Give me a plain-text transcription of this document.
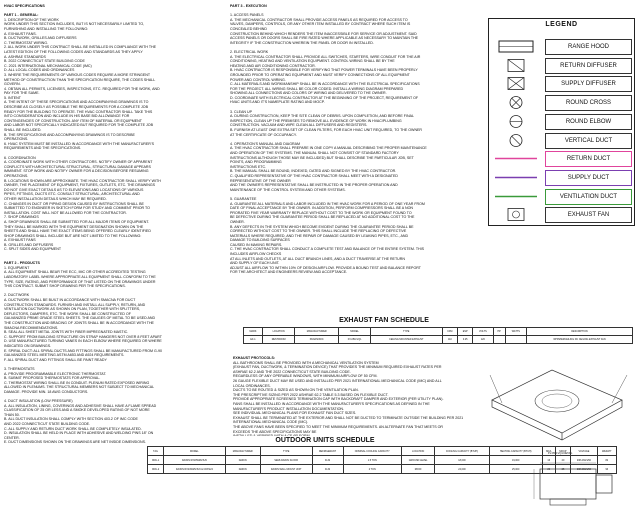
HVAC SPECIFICATIONS
PART 1 - GENERAL:
1. DESCRIPTION OF THE WORK
WORK UNDER THIS SECTION INCLUDES, BUT IS NOT NECESSARILY LIMITED TO,
FURNISHING AND INSTALLING THE FOLLOWING:
A. EXHAUST FANS.
B. DUCTWORK, GRILLES AND DIFFUSERS
C. THERMOSTAT WIRING.
2. ALL WORK UNDER THIS CONTRACT SHALL BE INSTALLED IN COMPLIANCE WITH THE
LATEST EDITION OF THE FOLLOWING CODES AND STANDARDS AS THEY APPLY
A. ASHRAE STANDARDS
B. 2022 CONNECTICUT STATE BUILDING CODE
C. 2021 INTERNATIONAL MECHANICAL CODE (IMC)
D. ALL LOCAL CODES AND ORDINANCES
3. WHERE THE REQUIREMENTS OF VARIOUS CODES REQUIRE A MORE STRINGENT
METHOD OF CONSTRUCTION THAN THE SPECIFICATION REQUIRE, THE CODES SHALL
GOVERN.
4. OBTAIN ALL PERMITS, LICENSES, INSPECTIONS, ETC. REQUIRED FOR THE WORK, AND
PAY FOR THE SAME.
5. INTENT
A. THE INTENT OF THESE SPECIFICATIONS AND ACCOMPANYING DRAWINGS IS TO
DESCRIBE AS CLOSELY AS POSSIBLE THE REQUIREMENTS FOR A COMPLETE JOB
READY FOR THE BUILDING TO OPERATE. THE HVAC CONTRACTOR SHALL TAKE THIS
INTO CONSIDERATION AND INCLUDE IN HIS BASE BID ALLOWANCE FOR
CONTINGENCIES OF CONSTRUCTION. ANY ITEM OF MATERIAL OR EQUIPMENT
AND LABOR NOT SPECIFICALLY INDICATED BUT REQUIRED FOR THE COMPLETE JOB
SHALL BE INCLUDED.
B. THE SPECIFICATIONS AND ACCOMPANYING DRAWINGS IS TO DESCRIBE
OPERATIONS.
6. HVAC SYSTEM MUST BE INSTALLED IN ACCORDANCE WITH THE MANUFACTURER'S
REQUIREMENTS AND THE SPECIFICATIONS.
6. COORDINATION
A. COORDINATE WORK WITH OTHER CONTRACTORS. NOTIFY OWNER OF APPARENT
CONFLICTS WITH ARCHITECTURAL STRUCTURAL, STRUCTURAL DAMAGE APPEARS
IMMINENT. STOP WORK AND NOTIFY OWNER FOR A DECISION BEFORE RESUMING
OPERATIONS.
B. LOCATIONS SHOWN ARE APPROXIMATE. THE HVAC CONTRACTOR SHALL VERIFY WITH
OWNER, THE PLACEMENT OF EQUIPMENT, FIXTURES, OUTLETS, ETC. THE DRAWINGS
DO NOT GIVE EXACT DETAILS AS TO ELEVATIONS AND LOCATIONS OF VARIOUS
PIPES, FITTINGS, DUCTS ETC. CONSULT STRUCTURAL, ARCHITECTURAL AND
OTHER INSTALLATION DETAILS WHICH MAY BE REQUIRED.
C. CHANGES IN DUCT OR PIPING DESIGN CAUSED BY INSTRUCTIONS SHALL BE
SUBMITTED TO ENGINEER IN SKETCH FORM FOR STUDY AND COMMENT PRIOR TO
INSTALLATION. COST WILL NOT BE ALLOWED FOR THE CONTRACTOR.
7. SHOP DRAWINGS
A. SHOP DRAWINGS SHALL BE SUBMITTED FOR ALL MAJOR ITEMS OF EQUIPMENT.
THEY SHALL BE MARKED WITH THE EQUIPMENT DESIGNATION SHOWN ON THE
SHEETS AND SHALL HAVE THE EXACT ITEMS BEING OFFERED CLEARLY IDENTIFIED
SHOP DRAWINGS SHALL INCLUDE BUT ARE NOT LIMITED TO THE FOLLOWING:
A. EXHAUST FANS
B. GRILLES AND DIFFUSERS
C. SPLIT SIDES AND EQUIPMENT
PART 2 - PRODUCTS
1. EQUIPMENT
A. ALL EQUIPMENT SHALL BEAR THE ECC, IMC OR OTHER ACCREDITED TESTING
LABORATORY LABEL WHERE APPROPRIATE ALL EQUIPMENT SHALL CONFORM TO THE
TYPE, SIZE, RATING, AND PERFORMANCE OF THAT LISTED ON THE DRAWINGS UNDER
THIS CONTRACT. SUBMIT SHOP DRAWING PER THE SPECIFICATIONS.
2. DUCTWORK
A. DUCTWORK SHALL BE BUILT IN ACCORDANCE WITH SMACNA FOR DUCT
CONSTRUCTION STANDARDS. FURNISH AND INSTALL ALL SUPPLY, RETURN, AND
VENTILATION DUCTWORK AS SHOWN ON PLAN, TOGETHER WITH SPLITTERS,
DEFLECTORS, DAMPERS, ETC. THE WORK SHALL BE CONSTRUCTED OF
GALVANIZED PRIME GRADE STEEL SHEETS. THE GAUGES OF METAL TO BE USED AND
THE CONSTRUCTION AND BRACING OF JOINTS SHALL BE IN ACCORDANCE WITH THE
SMACNA RECOMMENDATIONS.
B. SEAL ALL SHEET METAL JOINTS WITH FIBER IMPREGNATED MASTIC.
C. SUPPORT FROM BUILDING STRUCTURE ON STRAP HANGERS NOT OVER 8 FEET APART
D. USE MANUFACTURED TURNING VANES IN EACH ELBOW WHERE REQUIRED OR WHERE
INDICATED ON DRAWINGS.
E. SPIRAL DUCT: ALL SPIRAL DUCTS AND FITTINGS SHALL BE MANUFACTURED FROM G-90
GALVANIZED STEEL MEETING ASTM A653 AND A924 REQUIREMENTS.
F. ALL SPIRAL DUCT AND FITTINGS SHALL BE PAINT READY
3. THERMOSTATS
A. PROVIDE PROGRAMMABLE ELECTRONIC THERMOSTAT.
B. SUBMIT PROPOSED THERMOSTATS FOR APPROVAL.
C. THERMOSTAT WIRING SHALL BE IN CONDUIT. PLENUM RATED EXPOSED WIRING
ALLOWED IN PLENUMS. THE STRUCTURAL MEMBERS NOT SUBJECT TO MECHANICAL
DAMAGE. PROVIDE MIN. 18 AWG CONDUCTORS.
4. DUCT INSULATION (LOW PRESSURE)
A. ALL INSULATION, LINING, COVERINGS AND ADHESIVE SHALL HAVE A FLAME SPREAD
CLASSIFICATION OF 25 OR LESS AND A SMOKE DEVELOPED RATING OF NOT MORE
THAN 50.
B. ALL DUCT INSULATION SHALL COMPLY WITH SECTION 403.2 OF IMC CODE
AND 2022 CONNECTICUT STATE BUILDING CODE.
C. ALL SUPPLY AND RETURN DUCT WORK SHALL BE COMPLETELY INSULATED.
D. INSULATION SHALL BE HELD IN PLACE WITH ADHESIVE AND WELDING PINS 18" ON
CENTER.
E. DUCT DIMENSIONS SHOWN ON THE DRAWINGS ARE NET INSIDE DIMENSIONS.
PART 3 - EXECUTION
1. ACCESS PANELS
A. THE MECHANICAL CONTRACTOR SHALL PROVIDE ACCESS PANELS AS REQUIRED FOR ACCESS TO
VALVES, DAMPERS, CONTROLS, OR ANY OTHER ITEM INSTALLED BY CONTRACT WHERE SUCH ITEM IS
CONCEALED BEHIND
CONSTRUCTION BEHIND WHICH RENDERS THE ITEM INACCESSIBLE FOR SERVICE OR ADJUSTMENT. SAID
ACCESS PANELS OR DOORS SHALL BE FIRE RATED WHERE APPLICABLE AS NECESSARY TO MAINTAIN THE
INTEGRITY IF THE CONSTRUCTION WHEREIN THE PANEL OR DOOR IN INSTALLED.
2. ELECTRICAL WORK
A. THE ELECTRICAL CONTRACTOR SHALL PROVIDE ALL SWITCHES, STARTERS, WIRE CONDUIT FOR THE AIR
CONDITIONING, HEATING AND VENTILATION EQUIPMENT. CONTROL WIRING SHALL BE BY THE
HEATING AND AIR CONDITIONING CONTRACTOR.
B. HVAC CONTRACTOR IS RESPONSIBLE FOR VERIFYING THAT POWER TERMINALS HAVE BEEN PROPERLY
GROUNDED PRIOR TO OPERATING EQUIPMENT AND MUST VERIFY CONNECTIONS OF ALL EQUIPMENT
POWER AND CONTROL WIRING.
C. ALL MATERIALS AND WORKMANSHIP SHALL BE IN ACCORDANCE WITH THE ELECTRICAL SPECIFICATIONS
FOR THE PROJECT. ALL WIRING SHALL BE COLOR CODED. INSTALL A WIRING DIAGRAM PREPARED
SHOWING ALL CONNECTIONS AND COLORS OF WIRING AND DELIVERED TO THE OWNER.
D. COORDINATE WITH ELECTRICAL CONTRACTOR AT THE BEGINNING OF THE PROJECT, REQUIREMENT OF
HVAC UNITS AND IT'S NAMEPLATE RATING AND MOCP.
3. CLEAN UP
A. DURING CONSTRUCTION, KEEP THE SITE CLEAN OF DEBRIS. UPON COMPLETION, AND BEFORE FINAL
INSPECTION, CLEAN UP THE PREMISES TO REMOVE ALL EVIDENCE OF WORK IN HVAC/PLUMBING
CONSTRUCTION. VACUUM AND WIPE CLEAN ALL DIFFUSERS AND REGISTERS.
B. FURNISH AT LEAST ONE EXTRA SET OF CLEAN FILTERS, FOR EACH HVAC UNIT REQUIRED, TO THE OWNER
AT THE CERTIFICATE OF OCCUPANCY.
4. OPERATION'S MANUAL AND DIAGRAM
A. THE HVAC CONTRACTOR SHALL PREPARE IN ONE COPY A MANUAL DESCRIBING THE PROPER MAINTENANCE
AND OPERATION OF THE SYSTEMS. THE MANUAL SHALL NOT CONSIST OF STANDARD FACTORY
INSTRUCTIONS ALTHOUGH THOSE MAY BE INCLUDED) BUT SHALL DESCRIBE THE PARTICULAR JOB, SET
POINTS, AND PROGRAMMING
INSTRUCTIONS ETC.
B. THE MANUAL SHALL BE BOUND, INDEXED, DATED AND SIGNED BY THE HVAC CONTRACTOR.
C. QUALIFIED REPRESENTATIVE OF THE HVAC CONTRACTOR SHALL MEET WITH A DESIGNATED
REPRESENTATIVE OF THE OWNER
AND THE OWNER'S REPRESENTATIVE SHALL BE INSTRUCTED IN THE PROPER OPERATION AND
MAINTENANCE OF THE CONTROL SYSTEM AND OTHER SYSTEMS.
5. GUARANTEE
A. GUARANTEE ALL MATERIALS AND LABOR INCLUDED IN THE HVAC WORK FOR A PERIOD OF ONE YEAR FROM
DATE OF FINAL ACCEPTANCE BY THE OWNER. IN ADDITION, PERFORM COMPRESSORS SHALL BE A NON
PRORATED FIVE YEAR WARRANTY REPLACE WITHOUT COST TO THE WORK OR EQUIPMENT FOUND TO
BE DEFECTIVE DURING THE GUARANTEE PERIOD SHALL BE REPLACED AT NO ADDITIONAL COST TO THE
OWNER.
B. ANY DEFECTS IN THE SYSTEM WHICH BECOME EVIDENT DURING THE GUARANTEE PERIOD SHALL BE
CORRECTED WITHOUT COST TO THE OWNER. THIS SHALL INCLUDE THE REPLACING OF DEFECTIVE
MATERIALS WHERE REQUIRED, AND THE REPAIR OF DAMAGE CAUSED BY LEAKING PIPES, ETC., AND
DAMAGE TO BUILDING SURFACES
CAUSED IN MAKING REPAIRS.
C. THE HVAC CONTRACTOR SHALL CONDUCT A COMPLETE TEST AND BALANCE OF THE ENTIRE SYSTEM. THIS
INCLUDES AIRFLOW CHECKS
AT ALL INLETS AND OUTLETS, AT ALL DUCT BRANCH LINES, AND A DUCT TRAVERSE AT THE RETURN
AND SUPPLY OF EACH UNIT.
ADJUST ALL AIRFLOW TO WITHIN 10% OF DESIGN AIRFLOW. PROVIDE A BOUND TEST AND BALANCE REPORT
FOR THE ARCHITECT AND ENGINEERS REVIEW AND ACCEPTANCE.
LEGEND
RANGE HOOD
RETURN DIFFUSER
SUPPLY DIFFUSER
ROUND CROSS
ROUND ELBOW
VERTICAL DUCT
RETURN DUCT
SUPPLY DUCT
VENTILATION DUCT
EXHAUST FAN
EXHAUST FAN SCHEDULE
MARK	LOCATION	MANUFACTURER	MODEL	TYPE	CFM	ESP	VOLTS	HP	WATTS	DESCRIPTION
EF-1	RESTROOM	PANASONIC	FV-0511VQ1	CEILING MOUNTED EXHAUST	110	0.25	120			WHISPERCEILING DC CEILING EXHAUST FAN
EXHAUST PROTOCOLS:
ALL BATHROOMS SHALL BE PROVIDED WITH A MECHANICAL VENTILATION SYSTEM
(EXHAUST FAN, DUCTWORK, & TERMINATION DEVICE) THAT PROVIDES THE MINIMUM REQUIRED EXHAUST RATES PER
ASHRAE 62.2 AND THE 2022 CONNECTICUT STATE BUILDING CODE.
REGARDLESS OF ANY OPERABLE WINDOWS, WITH MINIMUM AIRFLOW OF 50 CFM.
26 GAUGE FLEXIBLE DUCT MAY BE USED AND INSTALLED PER 2021 INTERNATIONAL MECHANICAL CODE (IMC) AND ALL
LOCAL ORDINANCES.
DUCTS TO BE ROUTED & SIZED AS SHOWN ON THE VENTILATION PLAN.
THE PRESCRIPTIVE SIZING PER 2022 ASHRAE 62.2 TABLE 5.3 BASED ON FLEXIBLE DUCT.
PROVIDE APPROPRIATE SCREENED TERMINATION CAP WITH BACKDRAFT DAMPER AND EXTERIOR (PER UTILITY PLAN).
FANS SHALL BE INSTALLED IN ACCORDANCE WITH THE MANUFACTURER'S SPECIFICATIONS AS DEFINED IN THE
MANUFACTURER'S PRODUCT INSTALLATION DOCUMENTATION.
SEE INDIVIDUAL MECHANICAL PLANS FOR EXHAUST FAN DUCT SIZES.
EXHAUST SHALL BE TERMINATED AT THE EXTERIOR AND SHALL NOT BE DUCTED TO TERMINATE OUTSIDE THE BUILDING PER 2021
INTERNATIONAL MECHANICAL CODE (IMC).
THE ABOVE FANS HAVE BEEN SPECIFIED TO MEET THE MINIMUM REQUIREMENTS. AN ALTERNATE FAN THAT MEETS OR
EXCEEDS THE ABOVE SPECIFICATIONS MAY BE
FV-0511VQ1 DETAIL
OUTDOOR UNITS SCHEDULE
TAG	MODEL	MANUFACTURER	TYPE	REFRIGERANT	NOMINAL COOLING CAPACITY	LOCATION	COOLING CAPACITY (BTUH)	HEATING CAPACITY (BTUH)	MCA	MOCP	VOLTAGE	WEIGHT
ODU-1	DAIKIN RX18WMVJU9	DAIKIN	SEMI-DAIKIN FLOOR	R-32	1.5 TON	GROUND LEVEL	18,000	19,000	16	20	208-230/1/60	82
ODU-2	DAIKIN RX24WMVJU9 & CDXS24	DAIKIN	DAIKIN WALL MOUNT UNIT	R-32	2 TON	ROOF	24,000	25,000	20	25	208-230/1/60	96
